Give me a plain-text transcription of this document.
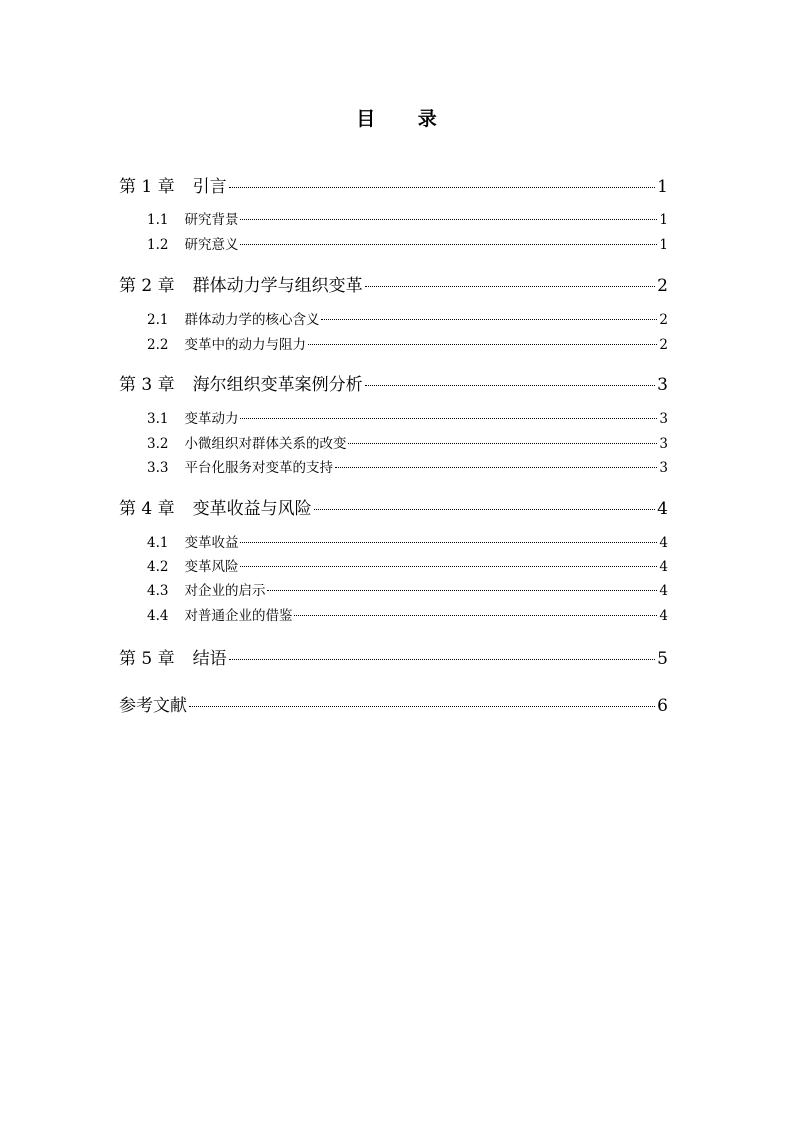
目 录
第 1 章 引言	1
1.1 研究背景	1
1.2 研究意义	1
第 2 章 群体动力学与组织变革	2
2.1 群体动力学的核心含义	2
2.2 变革中的动力与阻力	2
第 3 章 海尔组织变革案例分析	3
3.1 变革动力	3
3.2 小微组织对群体关系的改变	3
3.3 平台化服务对变革的支持	3
第 4 章 变革收益与风险	4
4.1 变革收益	4
4.2 变革风险	4
4.3 对企业的启示	4
4.4 对普通企业的借鉴	4
第 5 章 结语	5
参考文献	6
